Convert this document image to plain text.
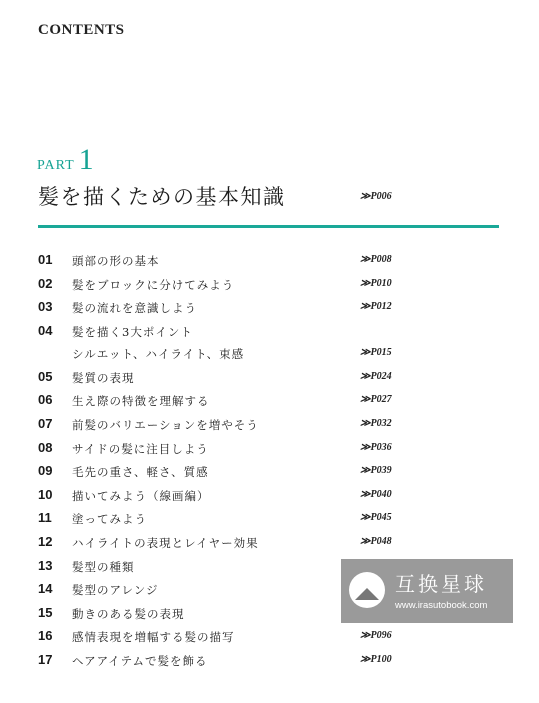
CONTENTS
PART 1
髪を描くための基本知識	≫P006
01 頭部の形の基本	≫P008
02 髪をブロックに分けてみよう	≫P010
03 髪の流れを意識しよう	≫P012
04 髪を描く3大ポイント
シルエット、ハイライト、束感	≫P015
05 髪質の表現	≫P024
06 生え際の特徴を理解する	≫P027
07 前髪のバリエーションを増やそう	≫P032
08 サイドの髪に注目しよう	≫P036
09 毛先の重さ、軽さ、質感	≫P039
10 描いてみよう（線画編）	≫P040
11 塗ってみよう	≫P045
12 ハイライトの表現とレイヤー効果	≫P048
13 髪型の種類
14 髪型のアレンジ
15 動きのある髪の表現
16 感情表現を増幅する髪の描写	≫P096
17 ヘアアイテムで髪を飾る	≫P100
互换星球
www.irasutobook.com
